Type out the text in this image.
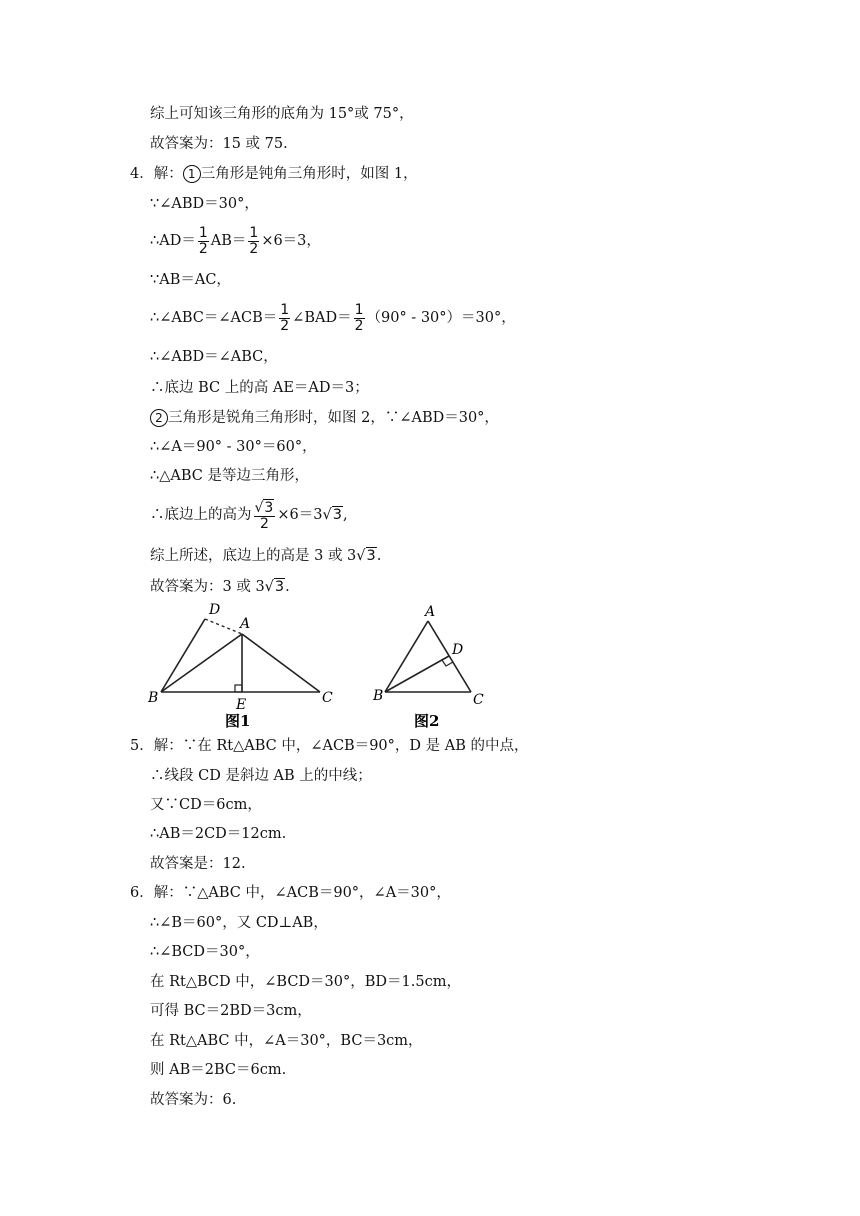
综上可知该三角形的底角为 15°或 75°，
故答案为：15 或 75.
4．解： 1 三角形是钝角三角形时，如图 1，
∵∠ABD＝30°，
∴AD＝ $\frac{1}{2} AB= \frac{1}{2} \times 6=3$，
∵AB＝AC，
∴∠ABC＝∠ACB＝ $\frac{1}{2}$ ∠BAD＝ $\frac{1}{2} (90^\circ$ ‑ 30°）＝30°，
∴∠ABD＝∠ABC，
∴底边 BC 上的高 AE＝AD＝3；
2 三角形是锐角三角形时，如图 2，∵∠ABD＝30°，
∴∠A＝90° ‑ 30°＝60°，
∴△ABC 是等边三角形，
∴底边上的高为 $\frac{√3}{2} \times 6=3√3$,
综上所述，底边上的高是 3 或 3√3.
故答案为：3 或 3√3.
D
A
B	E	C
图1
A
D
B	C
图2
5．解：∵在 Rt△ABC 中，∠ACB＝90°，D 是 AB 的中点，
∴线段 CD 是斜边 AB 上的中线；
又∵CD＝6cm，
∴AB＝2CD＝12cm.
故答案是：12.
6．解：∵△ABC 中，∠ACB＝90°，∠A＝30°，
∴∠B＝60°，又 CD⊥AB，
∴∠BCD＝30°，
在 Rt△BCD 中，∠BCD＝30°，BD＝1.5cm，
可得 BC＝2BD＝3cm，
在 Rt△ABC 中，∠A＝30°，BC＝3cm，
则 AB＝2BC＝6cm.
故答案为：6.
